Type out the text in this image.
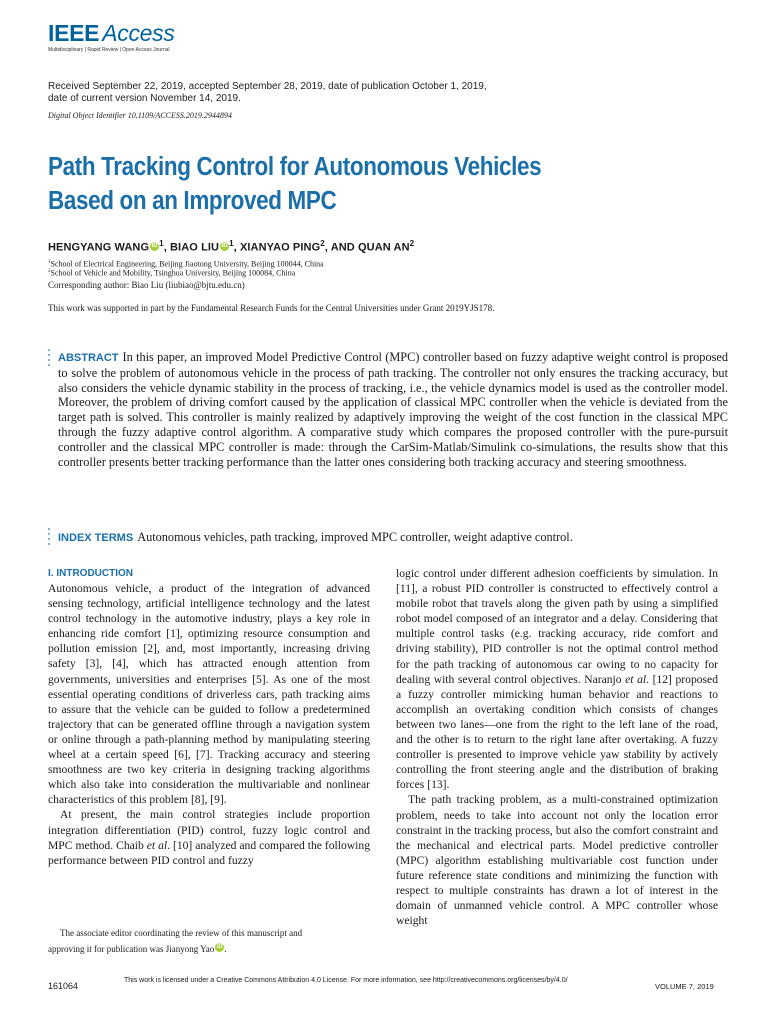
IEEE Access
Multidisciplinary | Rapid Review | Open Access Journal
Received September 22, 2019, accepted September 28, 2019, date of publication October 1, 2019,
date of current version November 14, 2019.
Digital Object Identifier 10.1109/ACCESS.2019.2944894
Path Tracking Control for Autonomous Vehicles Based on an Improved MPC
HENGYANG WANG $iD^1$, BIAO LIU $iD^1$, XIANYAO PING$^2$, AND QUAN $AN^2$
$^1$School of Electrical Engineering, Beijing Jiaotong University, Beijing 100044, China
$^2$School of Vehicle and Mobility, Tsinghua University, Beijing 100084, China
Corresponding author: Biao Liu (liubiao@bjtu.edu.cn)
This work was supported in part by the Fundamental Research Funds for the Central Universities under Grant 2019YJS178.

ABSTRACT In this paper, an improved Model Predictive Control (MPC) controller based on fuzzy adaptive weight control is proposed to solve the problem of autonomous vehicle in the process of path tracking. The controller not only ensures the tracking accuracy, but also considers the vehicle dynamic stability in the process of tracking, i.e., the vehicle dynamics model is used as the controller model. Moreover, the problem of driving comfort caused by the application of classical MPC controller when the vehicle is deviated from the target path is solved. This controller is mainly realized by adaptively improving the weight of the cost function in the classical MPC through the fuzzy adaptive control algorithm. A comparative study which compares the proposed controller with the pure-pursuit controller and the classical MPC controller is made: through the CarSim-Matlab/Simulink co-simulations, the results show that this controller presents better tracking performance than the latter ones considering both tracking accuracy and steering smoothness.

INDEX TERMS Autonomous vehicles, path tracking, improved MPC controller, weight adaptive control.

I. INTRODUCTION

Autonomous vehicle, a product of the integration of advanced sensing technology, artificial intelligence technology and the latest control technology in the automotive industry, plays a key role in enhancing ride comfort [1], optimizing resource consumption and pollution emission [2], and, most importantly, increasing driving safety [3], [4], which has attracted enough attention from governments, universities and enterprises [5]. As one of the most essential operating conditions of driverless cars, path tracking aims to assure that the vehicle can be guided to follow a predetermined trajectory that can be generated offline through a navigation system or online through a path-planning method by manipulating steering wheel at a certain speed [6], [7]. Tracking accuracy and steering smoothness are two key criteria in designing tracking algorithms which also take into consideration the multivariable and nonlinear characteristics of this problem [8], [9].

At present, the main control strategies include proportion integration differentiation (PID) control, fuzzy logic control and MPC method. Chaib et al. [10] analyzed and compared the following performance between PID control and fuzzy

The associate editor coordinating the review of this manuscript and
approving it for publication was Jianyong Yao iD .

logic control under different adhesion coefficients by simulation. In [11], a robust PID controller is constructed to effectively control a mobile robot that travels along the given path by using a simplified robot model composed of an integrator and a delay. Considering that multiple control tasks (e.g. tracking accuracy, ride comfort and driving stability), PID controller is not the optimal control method for the path tracking of autonomous car owing to no capacity for dealing with several control objectives. Naranjo et al. [12] proposed a fuzzy controller mimicking human behavior and reactions to accomplish an overtaking condition which consists of changes between two lanes—one from the right to the left lane of the road, and the other is to return to the right lane after overtaking. A fuzzy controller is presented to improve vehicle yaw stability by actively controlling the front steering angle and the distribution of braking forces [13].

The path tracking problem, as a multi-constrained optimization problem, needs to take into account not only the location error constraint in the tracking process, but also the comfort constraint and the mechanical and electrical parts. Model predictive controller (MPC) algorithm establishing multivariable cost function under future reference state conditions and minimizing the function with respect to multiple constraints has drawn a lot of interest in the domain of unmanned vehicle control. A MPC controller whose weight

161064
This work is licensed under a Creative Commons Attribution 4.0 License. For more information, see http://creativecommons.org/licenses/by/4.0/
VOLUME 7, 2019
